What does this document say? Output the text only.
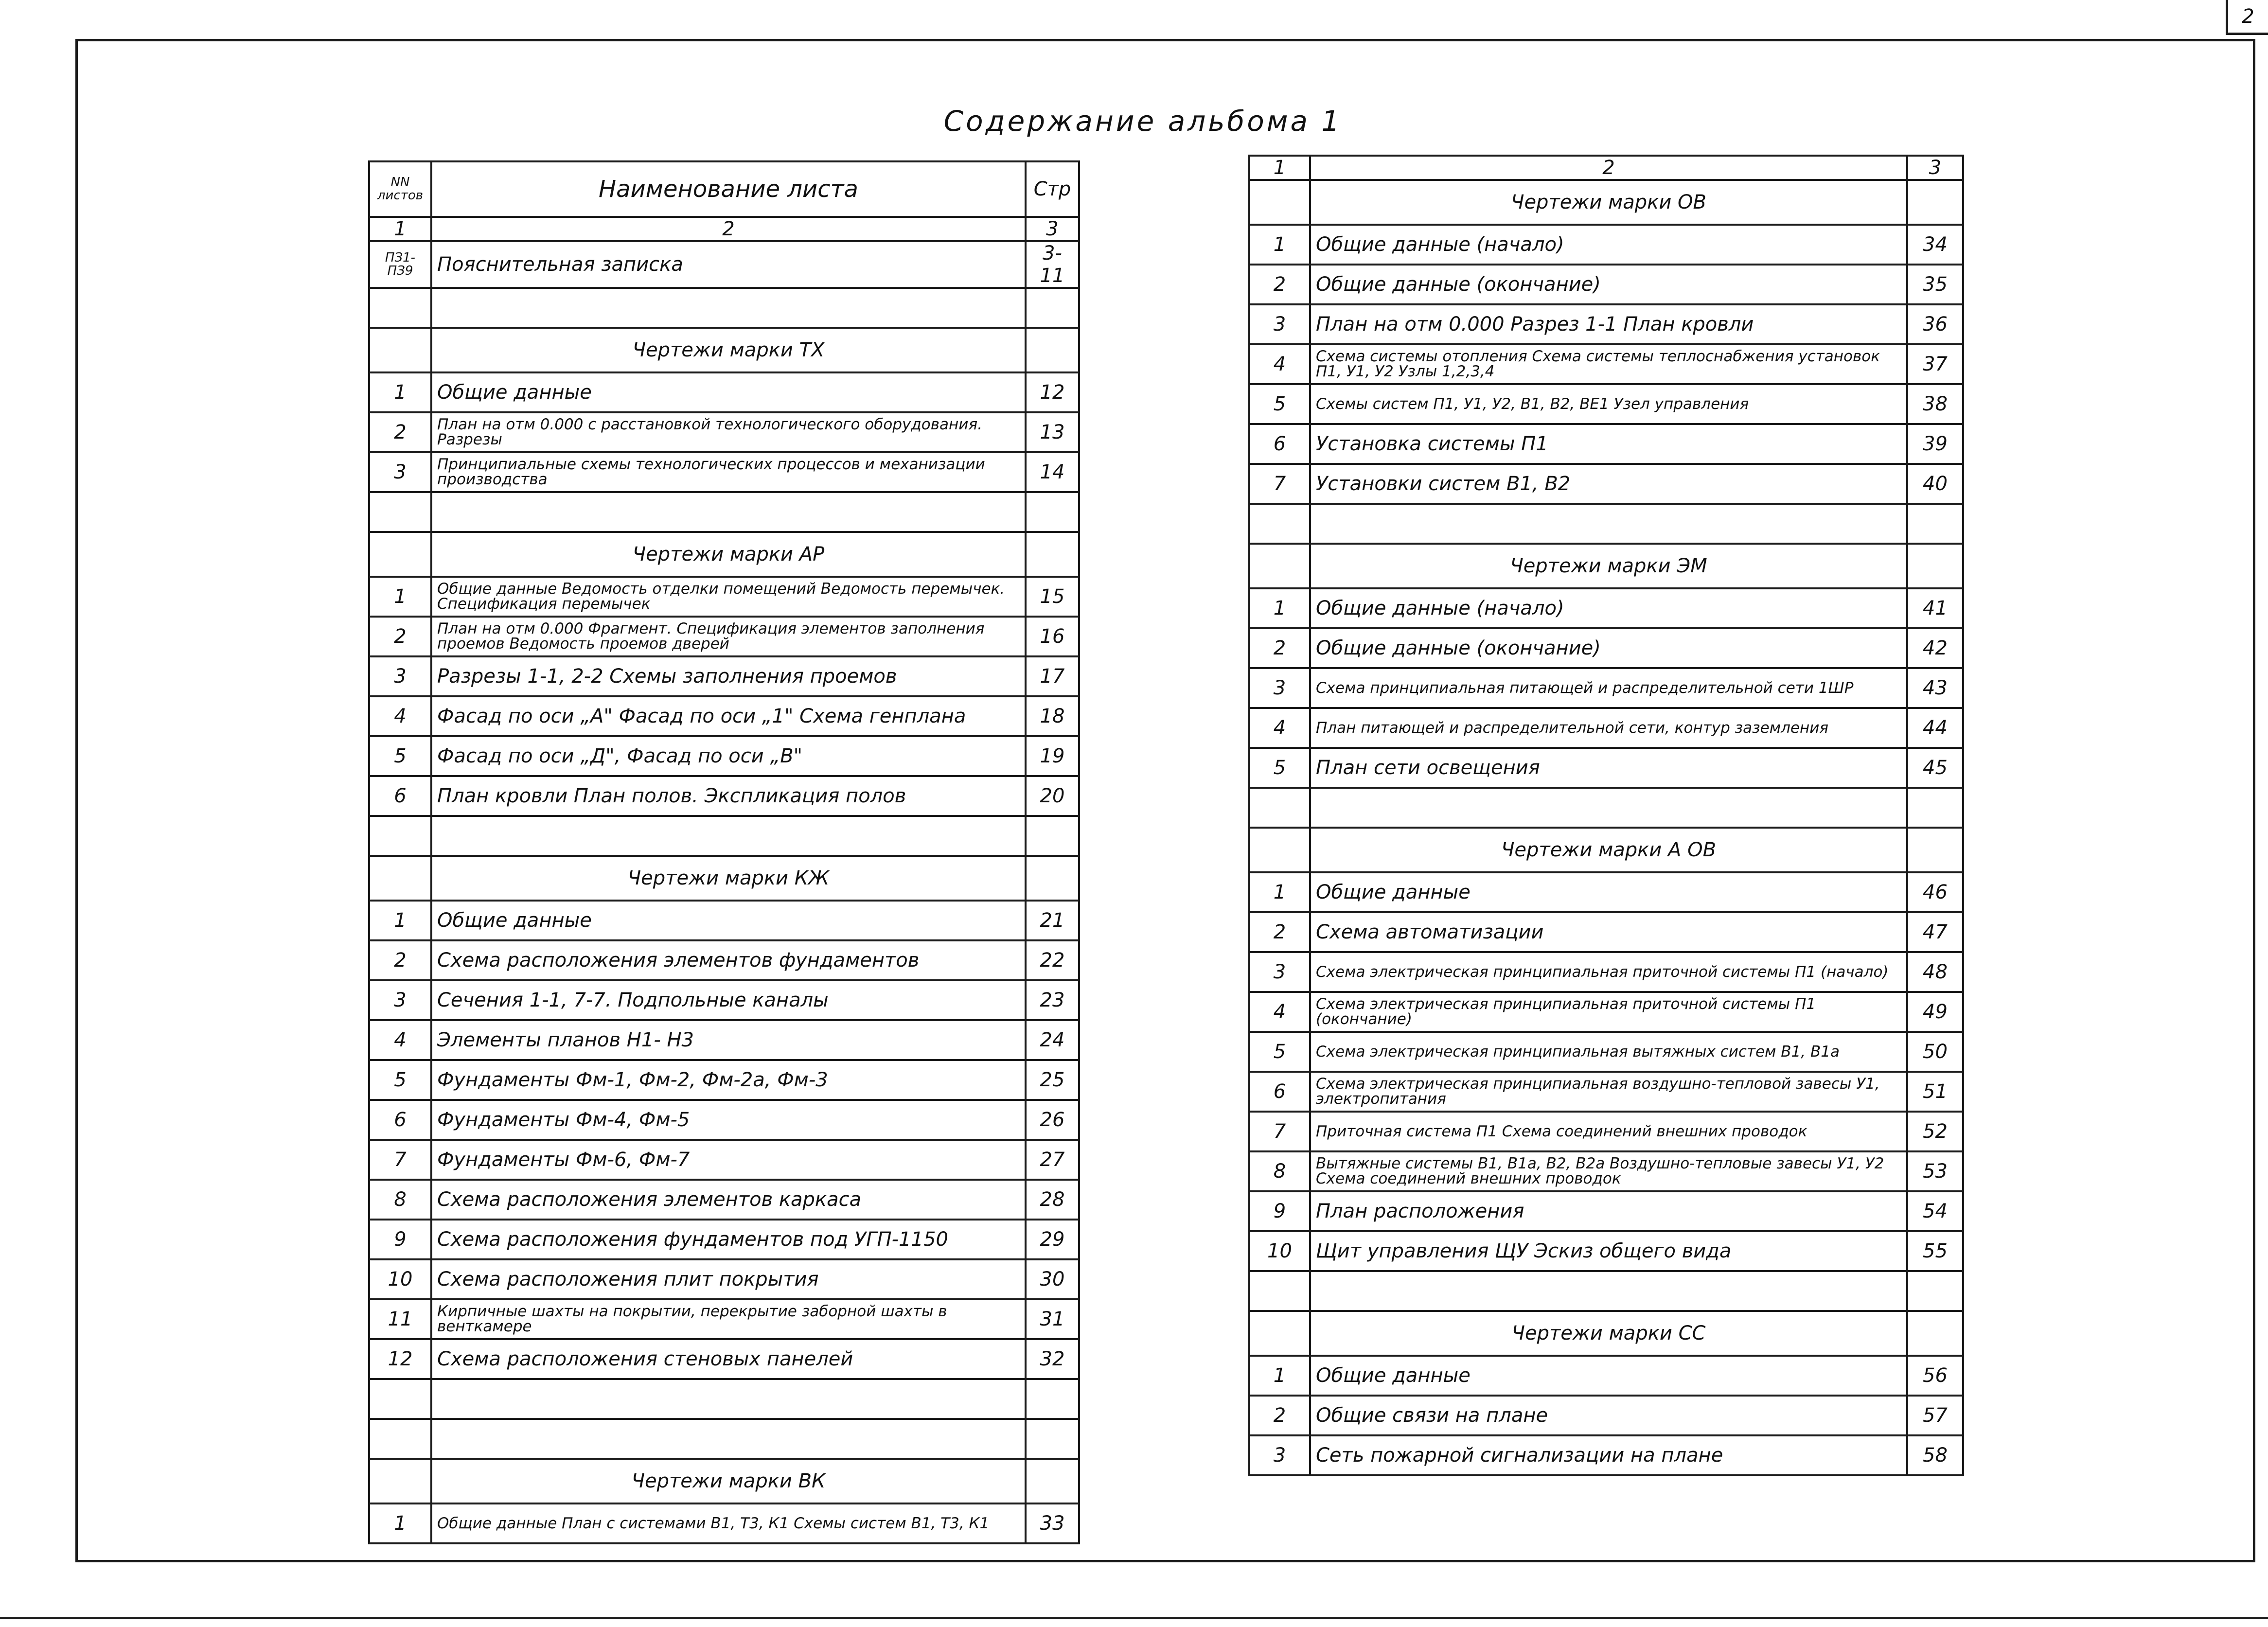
2
Содержание альбома 1
NN листов	Наименование листа	Стр
1	2	3
ПЗ1-ПЗ9	Пояснительная записка	3-11

	Чертежи марки ТХ	
1	Общие данные	12
2	План на отм 0.000 с расстановкой технологического оборудования. Разрезы	13
3	Принципиальные схемы технологических процессов и механизации производства	14

	Чертежи марки АР	
1	Общие данные Ведомость отделки помещений Ведомость перемычек. Спецификация перемычек	15
2	План на отм 0.000 Фрагмент. Спецификация элементов заполнения проемов Ведомость проемов дверей	16
3	Разрезы 1-1, 2-2 Схемы заполнения проемов	17
4	Фасад по оси „А" Фасад по оси „1" Схема генплана	18
5	Фасад по оси „Д", Фасад по оси „В"	19
6	План кровли План полов. Экспликация полов	20

	Чертежи марки КЖ	
1	Общие данные	21
2	Схема расположения элементов фундаментов	22
3	Сечения 1-1, 7-7. Подпольные каналы	23
4	Элементы планов Н1- Н3	24
5	Фундаменты Фм-1, Фм-2, Фм-2а, Фм-3	25
6	Фундаменты Фм-4, Фм-5	26
7	Фундаменты Фм-6, Фм-7	27
8	Схема расположения элементов каркаса	28
9	Схема расположения фундаментов под УГП-1150	29
10	Схема расположения плит покрытия	30
11	Кирпичные шахты на покрытии, перекрытие заборной шахты в венткамере	31
12	Схема расположения стеновых панелей	32

	Чертежи марки ВК	
1	Общие данные План с системами В1, Т3, К1 Схемы систем В1, Т3, К1	33
1	2	3
	Чертежи марки ОВ	
1	Общие данные (начало)	34
2	Общие данные (окончание)	35
3	План на отм 0.000 Разрез 1-1 План кровли	36
4	Схема системы отопления Схема системы теплоснабжения установок П1, У1, У2 Узлы 1,2,3,4	37
5	Схемы систем П1, У1, У2, В1, В2, ВЕ1 Узел управления	38
6	Установка системы П1	39
7	Установки систем В1, В2	40

	Чертежи марки ЭМ	
1	Общие данные (начало)	41
2	Общие данные (окончание)	42
3	Схема принципиальная питающей и распределительной сети 1ШР	43
4	План питающей и распределительной сети, контур заземления	44
5	План сети освещения	45

	Чертежи марки А ОВ	
1	Общие данные	46
2	Схема автоматизации	47
3	Схема электрическая принципиальная приточной системы П1 (начало)	48
4	Схема электрическая принципиальная приточной системы П1 (окончание)	49
5	Схема электрическая принципиальная вытяжных систем В1, В1а	50
6	Схема электрическая принципиальная воздушно-тепловой завесы У1, электропитания	51
7	Приточная система П1 Схема соединений внешних проводок	52
8	Вытяжные системы В1, В1а, В2, В2а Воздушно-тепловые завесы У1, У2 Схема соединений внешних проводок	53
9	План расположения	54
10	Щит управления ЩУ Эскиз общего вида	55

	Чертежи марки СС	
1	Общие данные	56
2	Общие связи на плане	57
3	Сеть пожарной сигнализации на плане	58
